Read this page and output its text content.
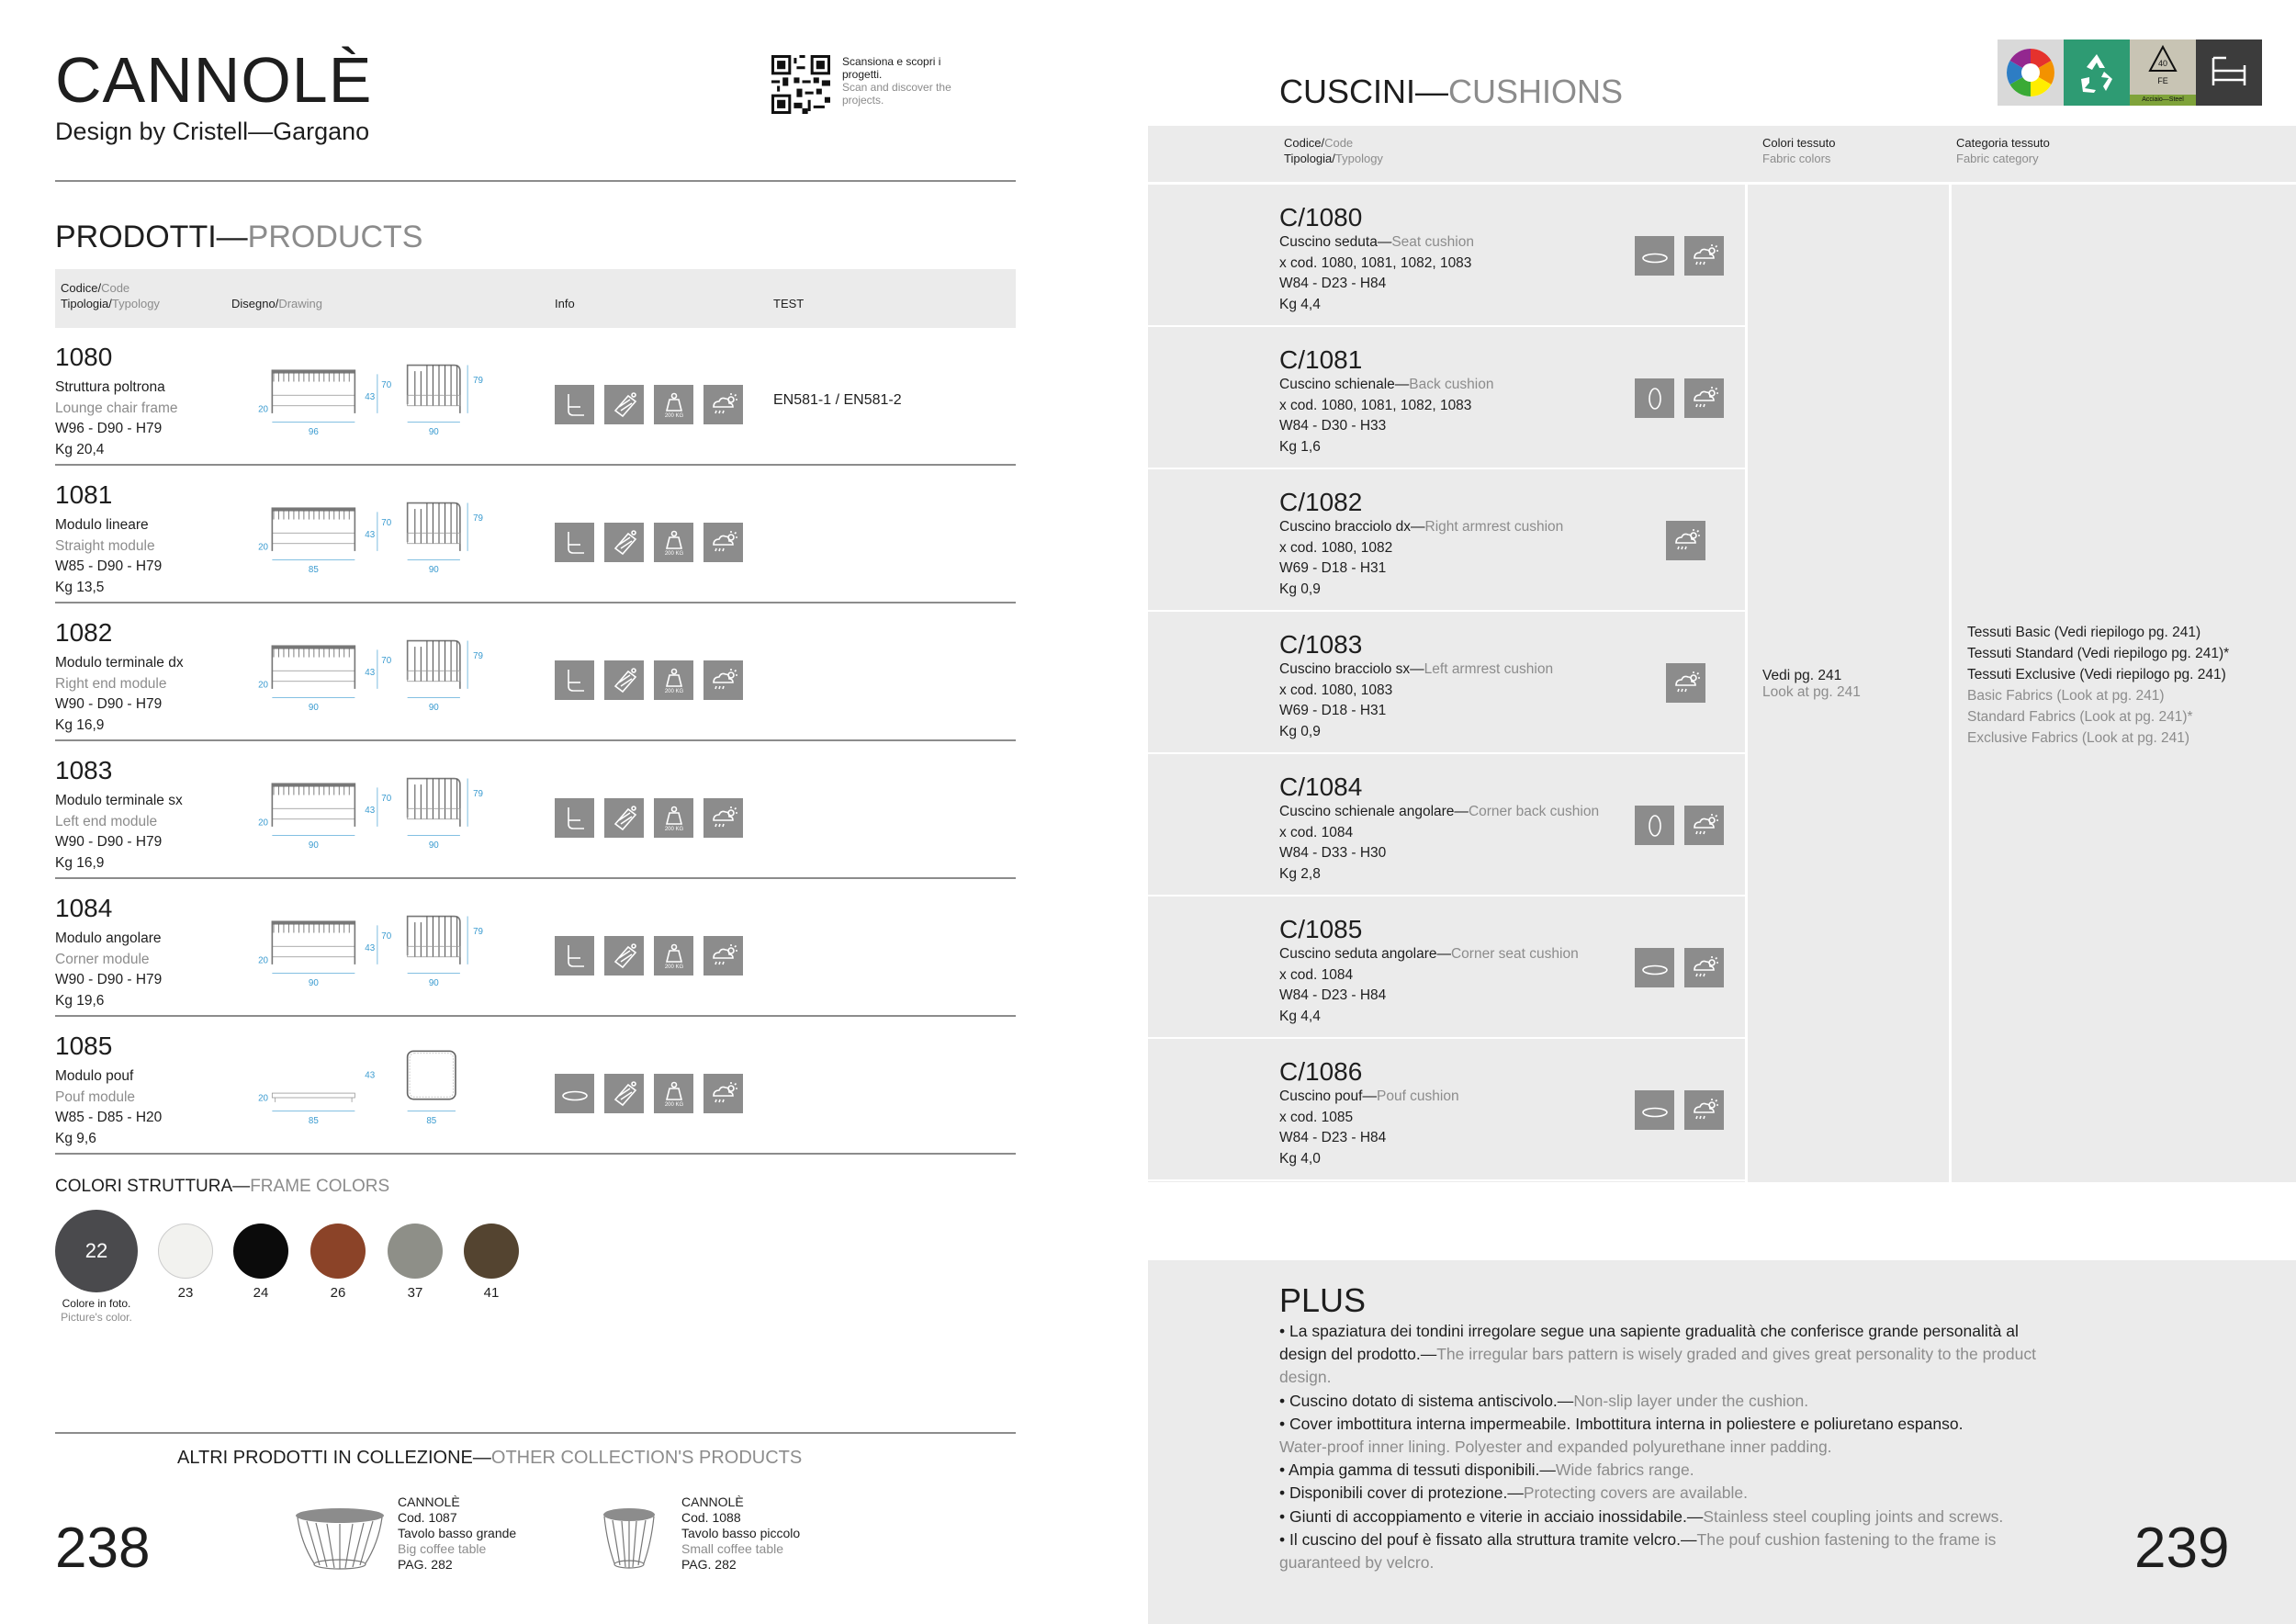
CANNOLÈ
Design by Cristell—Gargano
Scansiona e scopri i progetti.
Scan and discover the projects.
PRODOTTI—PRODUCTS
Codice/Code
Tipologia/Typology	Disegno/Drawing	Info	TEST
1080
Struttura poltrona
Lounge chair frame
W96 - D90 - H79
Kg 20,4
96	90
20
43
70	79
200 KG
EN581-1 / EN581-2
1081
Modulo lineare
Straight module
W85 - D90 - H79
Kg 13,5
85	90
20
43
70	79
200 KG
1082
Modulo terminale dx
Right end module
W90 - D90 - H79
Kg 16,9
90	90
20
43
70	79
200 KG
1083
Modulo terminale sx
Left end module
W90 - D90 - H79
Kg 16,9
90	90
20
43
70	79
200 KG
1084
Modulo angolare
Corner module
W90 - D90 - H79
Kg 19,6
90	90
20
43
70	79
200 KG
1085
Modulo pouf
Pouf module
W85 - D85 - H20
Kg 9,6
85	85
20
43
200 KG
COLORI STRUTTURA—FRAME COLORS
22
23	24	26	37	41
Colore in foto.
Picture's color.
ALTRI PRODOTTI IN COLLEZIONE—OTHER COLLECTION'S PRODUCTS
238
CANNOLÈ
Cod. 1087
Tavolo basso grande
Big coffee table
PAG. 282
CANNOLÈ
Cod. 1088
Tavolo basso piccolo
Small coffee table
PAG. 282
CUSCINI—CUSHIONS
40
FE
Acciaio—Steel
Codice/Code
Tipologia/Typology
Colori tessuto
Fabric colors
Categoria tessuto
Fabric category
C/1080
Cuscino seduta—Seat cushion
x cod. 1080, 1081, 1082, 1083
W84 - D23 - H84
Kg 4,4
C/1081
Cuscino schienale—Back cushion
x cod. 1080, 1081, 1082, 1083
W84 - D30 - H33
Kg 1,6
C/1082
Cuscino bracciolo dx—Right armrest cushion
x cod. 1080, 1082
W69 - D18 - H31
Kg 0,9
C/1083
Cuscino bracciolo sx—Left armrest cushion
x cod. 1080, 1083
W69 - D18 - H31
Kg 0,9
C/1084
Cuscino schienale angolare—Corner back cushion
x cod. 1084
W84 - D33 - H30
Kg 2,8
C/1085
Cuscino seduta angolare—Corner seat cushion
x cod. 1084
W84 - D23 - H84
Kg 4,4
C/1086
Cuscino pouf—Pouf cushion
x cod. 1085
W84 - D23 - H84
Kg 4,0
Vedi pg. 241
Look at pg. 241
Tessuti Basic (Vedi riepilogo pg. 241)
Tessuti Standard (Vedi riepilogo pg. 241)*
Tessuti Exclusive (Vedi riepilogo pg. 241)
Basic Fabrics (Look at pg. 241)
Standard Fabrics (Look at pg. 241)*
Exclusive Fabrics (Look at pg. 241)
PLUS
• La spaziatura dei tondini irregolare segue una sapiente gradualità che conferisce grande personalità al design del prodotto.—The irregular bars pattern is wisely graded and gives great personality to the product design.
• Cuscino dotato di sistema antiscivolo.—Non-slip layer under the cushion.
• Cover imbottitura interna impermeabile. Imbottitura interna in poliestere e poliuretano espanso.
Water-proof inner lining. Polyester and expanded polyurethane inner padding.
• Ampia gamma di tessuti disponibili.—Wide fabrics range.
• Disponibili cover di protezione.—Protecting covers are available.
• Giunti di accoppiamento e viterie in acciaio inossidabile.—Stainless steel coupling joints and screws.
• Il cuscino del pouf è fissato alla struttura tramite velcro.—The pouf cushion fastening to the frame is guaranteed by velcro.	239
